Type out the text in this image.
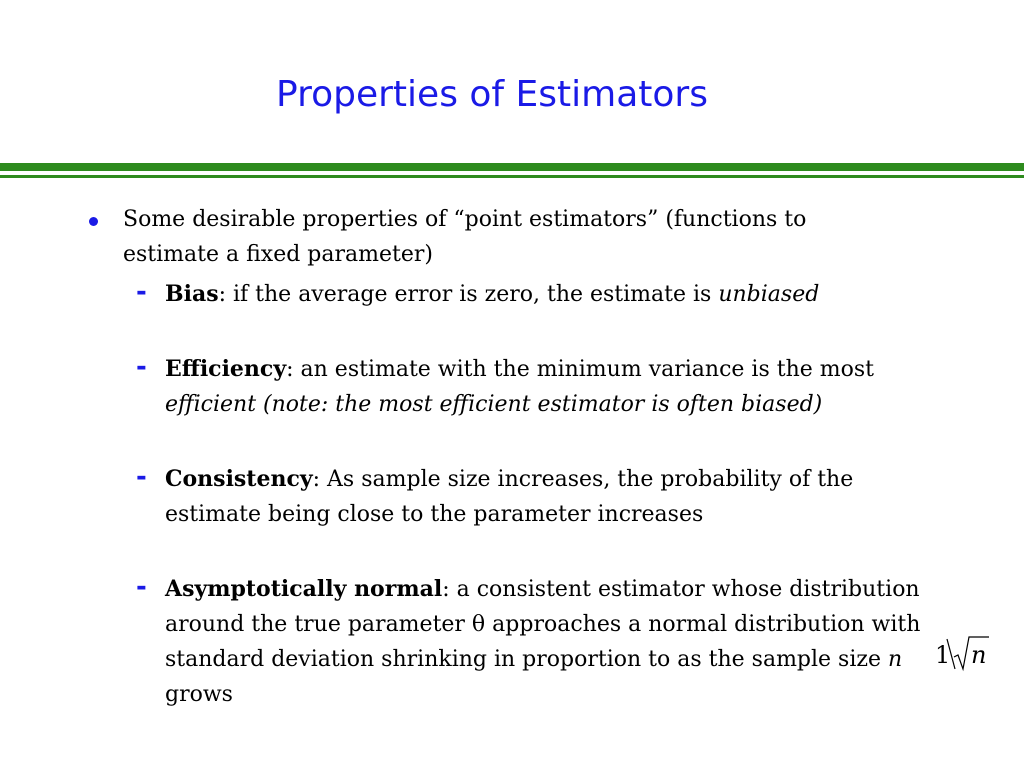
Properties of Estimators
Some desirable properties of “point estimators” (functions to estimate a fixed parameter)
- Bias: if the average error is zero, the estimate is unbiased
- Efficiency: an estimate with the minimum variance is the most efficient (note: the most efficient estimator is often biased)
- Consistency: As sample size increases, the probability of the estimate being close to the parameter increases
- Asymptotically normal: a consistent estimator whose distribution around the true parameter θ approaches a normal distribution with standard deviation shrinking in proportion to as the sample size n grows
1 n
